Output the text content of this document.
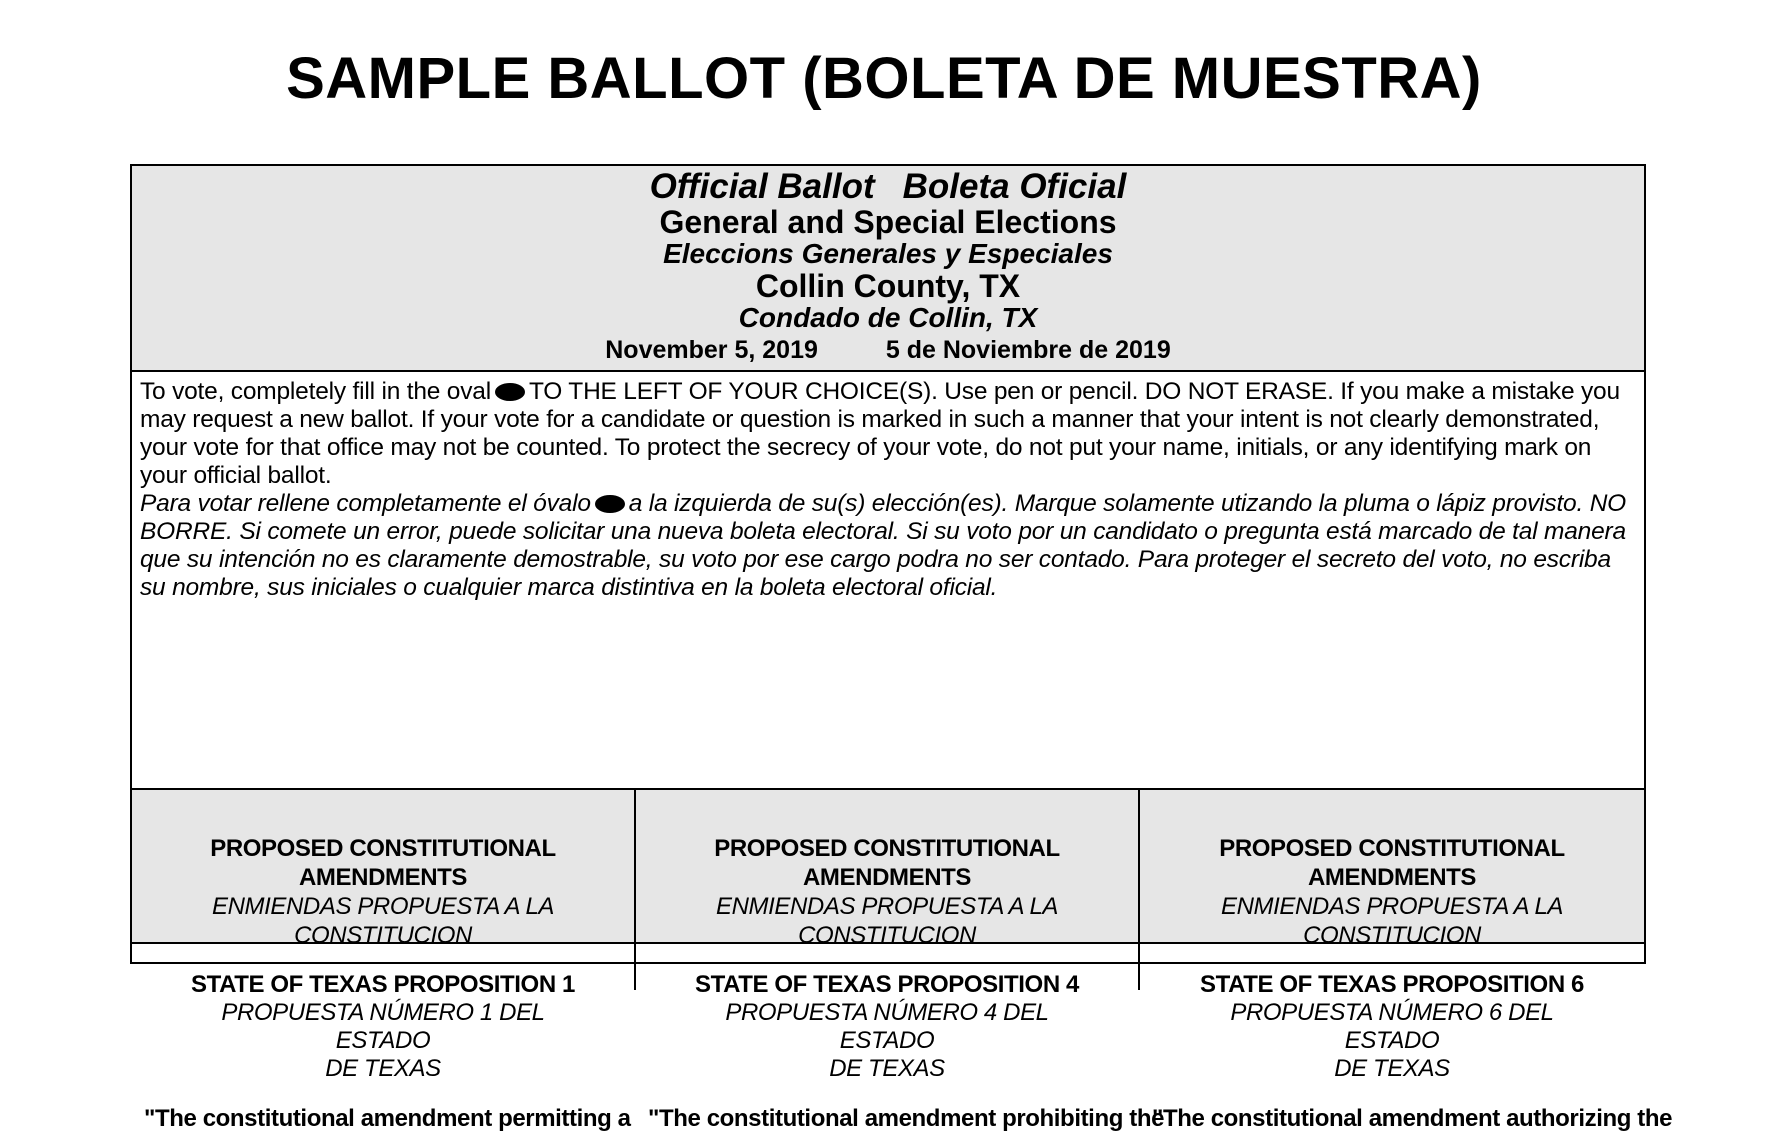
SAMPLE BALLOT (BOLETA DE MUESTRA)
Official Ballot Boleta Oficial
General and Special Elections
Eleccions Generales y Especiales
Collin County, TX
Condado de Collin, TX
November 5, 2019	5 de Noviembre de 2019

To vote, completely fill in the oval TO THE LEFT OF YOUR CHOICE(S). Use pen or pencil. DO NOT ERASE. If you make a mistake you may request a new ballot. If your vote for a candidate or question is marked in such a manner that your intent is not clearly demonstrated, your vote for that office may not be counted. To protect the secrecy of your vote, do not put your name, initials, or any identifying mark on your official ballot.

Para votar rellene completamente el óvalo a la izquierda de su(s) elección(es). Marque solamente utizando la pluma o lápiz provisto. NO BORRE. Si comete un error, puede solicitar una nueva boleta electoral. Si su voto por un candidato o pregunta está marcado de tal manera que su intención no es claramente demostrable, su voto por ese cargo podra no ser contado. Para proteger el secreto del voto, no escriba su nombre, sus iniciales o cualquier marca distintiva en la boleta electoral oficial.

PROPOSED CONSTITUTIONAL AMENDMENTS
ENMIENDAS PROPUESTA A LA CONSTITUCION
STATE OF TEXAS PROPOSITION 1
PROPUESTA NÚMERO 1 DEL ESTADO
DE TEXAS
"The constitutional amendment permitting a
PROPOSED CONSTITUTIONAL AMENDMENTS
ENMIENDAS PROPUESTA A LA CONSTITUCION
STATE OF TEXAS PROPOSITION 4
PROPUESTA NÚMERO 4 DEL ESTADO
DE TEXAS
"The constitutional amendment prohibiting the
PROPOSED CONSTITUTIONAL AMENDMENTS
ENMIENDAS PROPUESTA A LA CONSTITUCION
STATE OF TEXAS PROPOSITION 6
PROPUESTA NÚMERO 6 DEL ESTADO
DE TEXAS
"The constitutional amendment authorizing the
